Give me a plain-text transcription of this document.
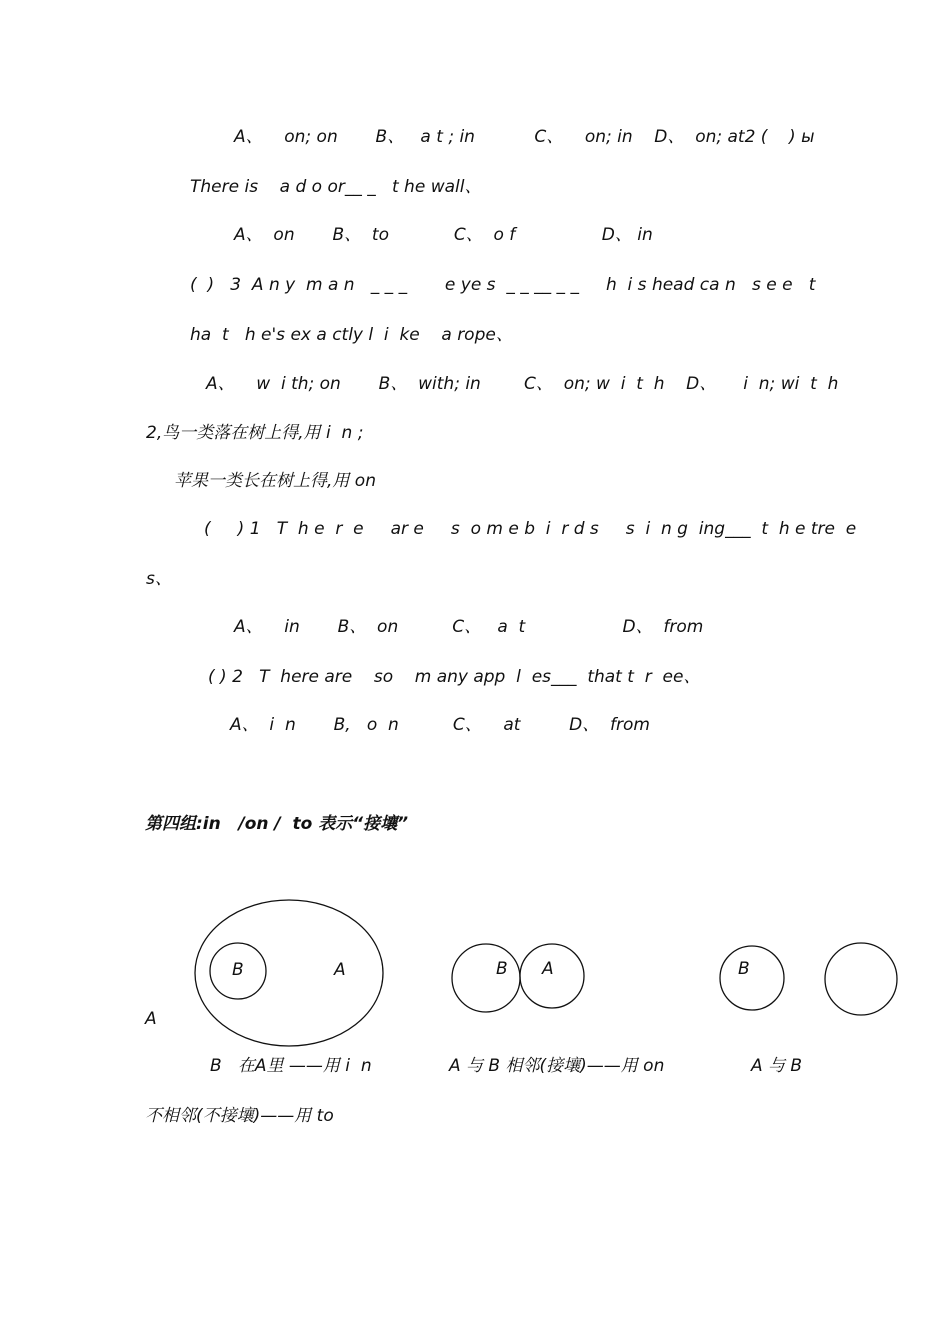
A、    on; on       B、   a t ; in           C、    on; in    D、  on; at2 (    ) ы
There is    a d o or__ _   t he wall、
A、  on       B、  to            C、  o f                D、 in
(  )   3  A n y  m a n   _ _ _       e ye s  _ _ __ _ _     h  i s head ca n   s e e   t
ha  t   h e's ex a ctly l  i  ke    a rope、
A、    w  i th; on       B、  with; in        C、  on; w  i  t  h    D、     i  n; wi  t  h
2,鸟一类落在树上得,用 i  n ;
苹果一类长在树上得,用 on
(     ) 1   T  h e  r  e     ar e     s  o m e b  i  r d s     s  i  n g  ing___  t  h e tre  e
s、
A、    in       B、  on          C、   a  t                  D、  from
( ) 2   T  here are    so    m any app  l  es___  that t  r  ee、
A、  i  n       B,   o  n          C、    at         D、  from
第四组:in   /on /  to 表示“接壤”
B	A	B A	B
A
B   在A里 ——用 i  n	A 与 B 相邻(接壤)——用 on	A 与 B
不相邻(不接壤)——用 to
